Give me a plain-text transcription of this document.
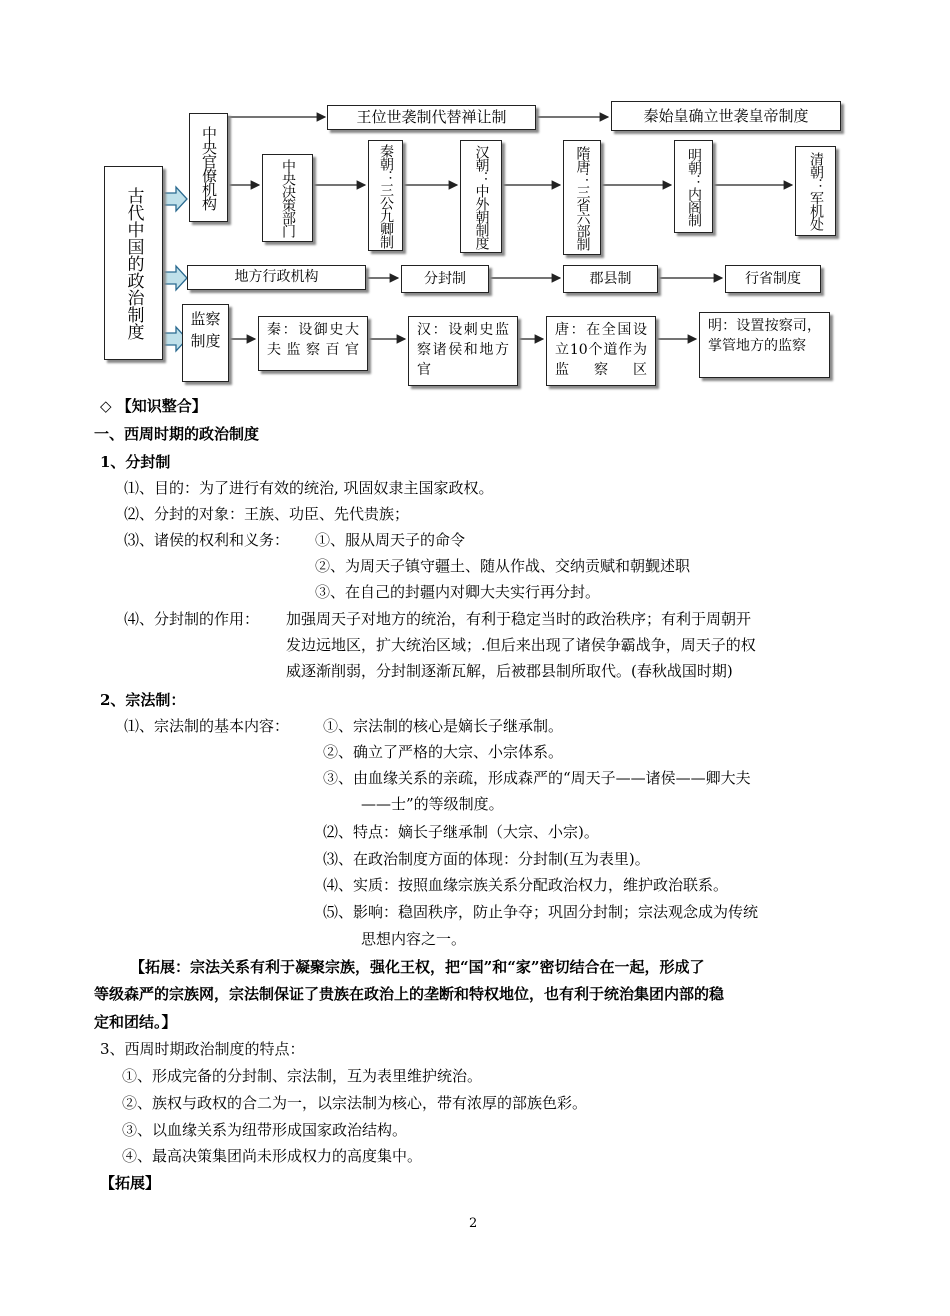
古代中国的政治制度
中央官僚机构
王位世袭制代替禅让制	秦始皇确立世袭皇帝制度
中央决策部门	秦朝：三公九卿制	汉朝：中外朝制度	隋唐：三省六部制	明朝：内阁制	清朝：军机处
地方行政机构	分封制	郡县制	行省制度
监察制度
秦：设御史大夫监察百官
汉：设刺史监察诸侯和地方官
唐：在全国设立10个道作为监察区
明：设置按察司，掌管地方的监察
◇ 【知识整合】
一、西周时期的政治制度
1、分封制
⑴、目的：为了进行有效的统治, 巩固奴隶主国家政权。
⑵、分封的对象：王族、功臣、先代贵族；
⑶、诸侯的权利和义务： ①、服从周天子的命令
②、为周天子镇守疆土、随从作战、交纳贡赋和朝觐述职
③、在自己的封疆内对卿大夫实行再分封。
⑷、分封制的作用： 加强周天子对地方的统治，有利于稳定当时的政治秩序；有利于周朝开
发边远地区，扩大统治区域；.但后来出现了诸侯争霸战争，周天子的权
威逐渐削弱，分封制逐渐瓦解，后被郡县制所取代。(春秋战国时期)
2、宗法制：
⑴、宗法制的基本内容： ①、宗法制的核心是嫡长子继承制。
②、确立了严格的大宗、小宗体系。
③、由血缘关系的亲疏，形成森严的“周天子——诸侯——卿大夫
——士”的等级制度。
⑵、特点：嫡长子继承制（大宗、小宗)。
⑶、在政治制度方面的体现：分封制(互为表里)。
⑷、实质：按照血缘宗族关系分配政治权力，维护政治联系。
⑸、影响：稳固秩序，防止争夺；巩固分封制；宗法观念成为传统
思想内容之一。
【拓展：宗法关系有利于凝聚宗族，强化王权，把“国”和“家”密切结合在一起，形成了
等级森严的宗族网，宗法制保证了贵族在政治上的垄断和特权地位，也有利于统治集团内部的稳
定和团结。】
3、西周时期政治制度的特点：
①、形成完备的分封制、宗法制，互为表里维护统治。
②、族权与政权的合二为一，以宗法制为核心，带有浓厚的部族色彩。
③、以血缘关系为纽带形成国家政治结构。
④、最高决策集团尚未形成权力的高度集中。
【拓展】
2
